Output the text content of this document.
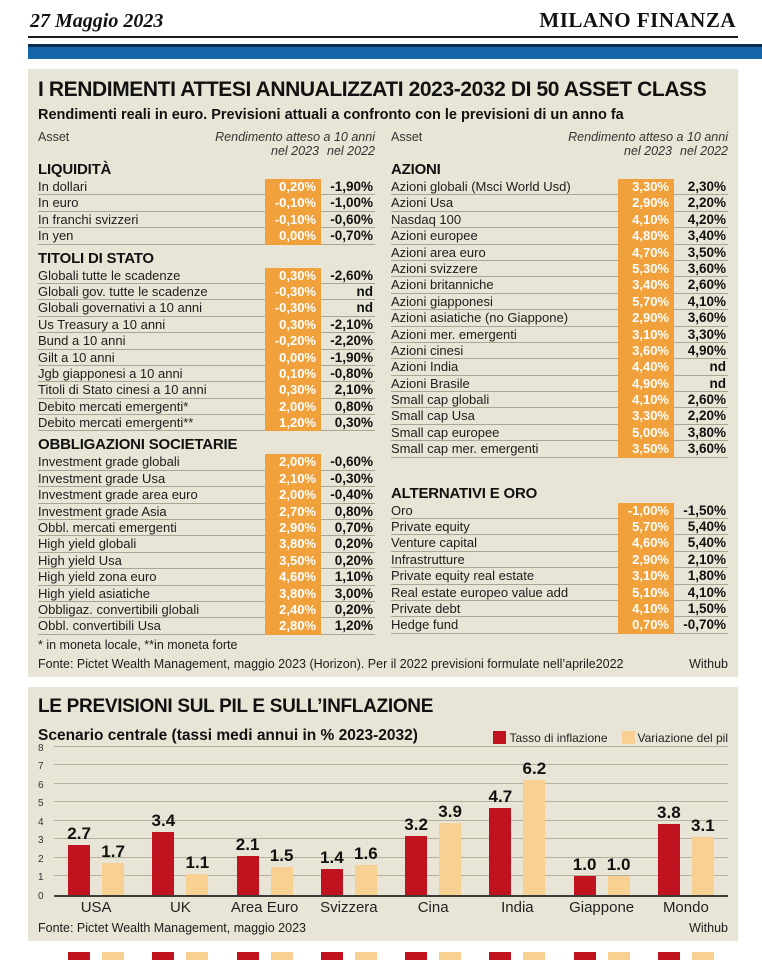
27 Maggio 2023	MILANO FINANZA
I RENDIMENTI ATTESI ANNUALIZZATI 2023-2032 DI 50 ASSET CLASS
Rendimenti reali in euro. Previsioni attuali a confronto con le previsioni di un anno fa
Asset	Rendimento atteso a 10 anni
nel 2023 nel 2022
LIQUIDITÀ
In dollari	0,20%	-1,90%
In euro	-0,10%	-1,00%
In franchi svizzeri	-0,10%	-0,60%
In yen	0,00%	-0,70%
TITOLI DI STATO
Globali tutte le scadenze	0,30%	-2,60%
Globali gov. tutte le scadenze	-0,30%	nd
Globali governativi a 10 anni	-0,30%	nd
Us Treasury a 10 anni	0,30%	-2,10%
Bund a 10 anni	-0,20%	-2,20%
Gilt a 10 anni	0,00%	-1,90%
Jgb giapponesi a 10 anni	0,10%	-0,80%
Titoli di Stato cinesi a 10 anni	0,30%	2,10%
Debito mercati emergenti*	2,00%	0,80%
Debito mercati emergenti**	1,20%	0,30%
OBBLIGAZIONI SOCIETARIE
Investment grade globali	2,00%	-0,60%
Investment grade Usa	2,10%	-0,30%
Investment grade area euro	2,00%	-0,40%
Investment grade Asia	2,70%	0,80%
Obbl. mercati emergenti	2,90%	0,70%
High yield globali	3,80%	0,20%
High yield Usa	3,50%	0,20%
High yield zona euro	4,60%	1,10%
High yield asiatiche	3,80%	3,00%
Obbligaz. convertibili globali	2,40%	0,20%
Obbl. convertibili Usa	2,80%	1,20%
* in moneta locale, **in moneta forte
Asset	Rendimento atteso a 10 anni
nel 2023 nel 2022
AZIONI
Azioni globali (Msci World Usd)	3,30%	2,30%
Azioni Usa	2,90%	2,20%
Nasdaq 100	4,10%	4,20%
Azioni europee	4,80%	3,40%
Azioni area euro	4,70%	3,50%
Azioni svizzere	5,30%	3,60%
Azioni britanniche	3,40%	2,60%
Azioni giapponesi	5,70%	4,10%
Azioni asiatiche (no Giappone)	2,90%	3,60%
Azioni mer. emergenti	3,10%	3,30%
Azioni cinesi	3,60%	4,90%
Azioni India	4,40%	nd
Azioni Brasile	4,90%	nd
Small cap globali	4,10%	2,60%
Small cap Usa	3,30%	2,20%
Small cap europee	5,00%	3,80%
Small cap mer. emergenti	3,50%	3,60%
ALTERNATIVI E ORO
Oro	-1,00%	-1,50%
Private equity	5,70%	5,40%
Venture capital	4,60%	5,40%
Infrastrutture	2,90%	2,10%
Private equity real estate	3,10%	1,80%
Real estate europeo value add	5,10%	4,10%
Private debt	4,10%	1,50%
Hedge fund	0,70%	-0,70%
Fonte: Pictet Wealth Management, maggio 2023 (Horizon). Per il 2022 previsioni formulate nell’aprile2022	Withub
LE PREVISIONI SUL PIL E SULL’INFLAZIONE
Scenario centrale (tassi medi annui in % 2023-2032)	Tasso di inflazione	Variazione del pil
0
1
2
3
4
5
6
7
8
2.7
1.7
3.4
1.1
2.1
1.5 1.4 1.6
3.2
3.9
4.7
6.2
1.0 1.0
3.8
3.1
USA	UK	Area Euro	Svizzera	Cina	India	Giappone	Mondo
Fonte: Pictet Wealth Management, maggio 2023	Withub
